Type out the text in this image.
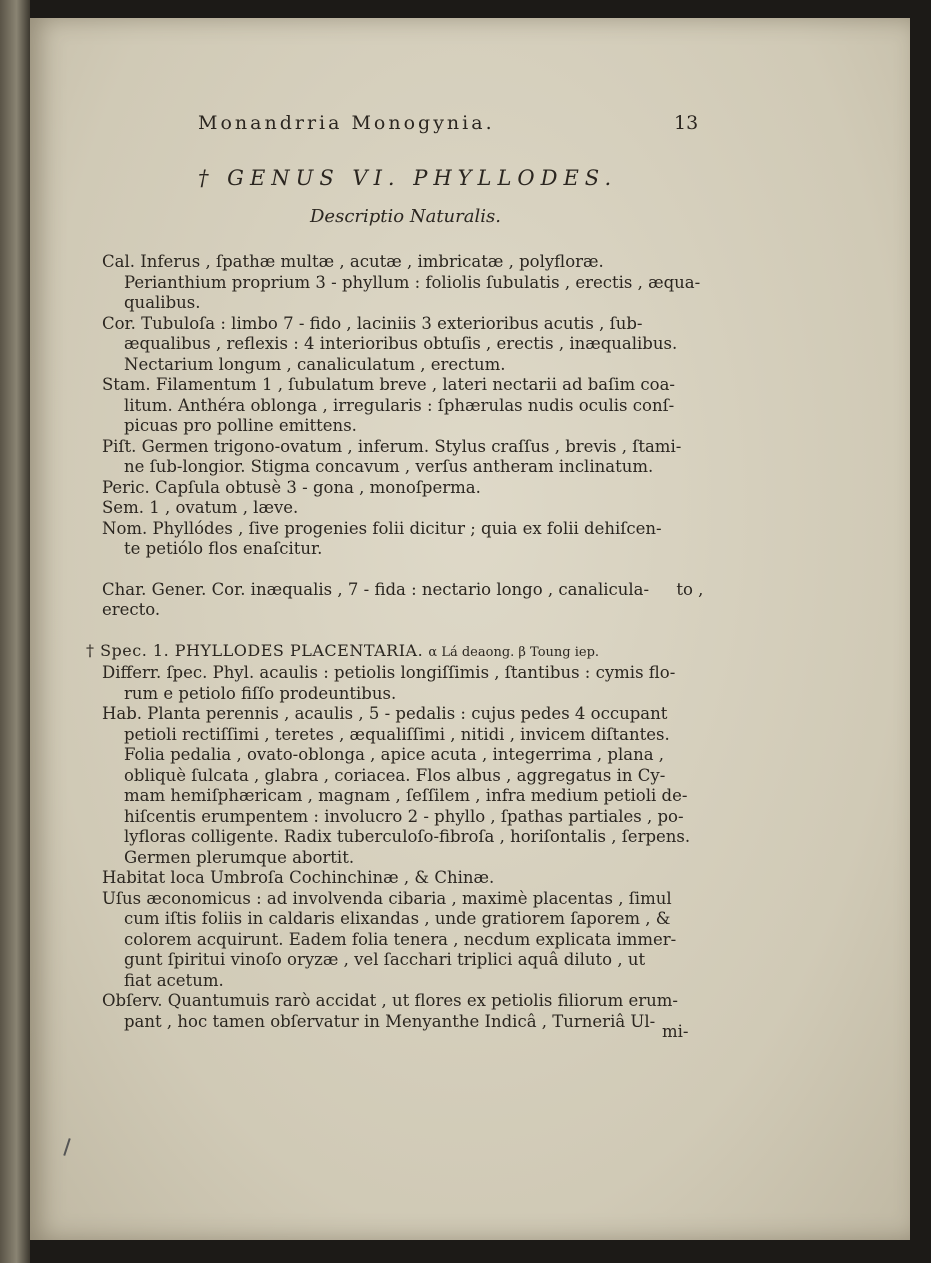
Monandrria Monogynia.	13
† GENUS VI. PHYLLODES.
Descriptio Naturalis.
Cal. Inferus , ſpathæ multæ , acutæ , imbricatæ , polyfloræ.
Perianthium proprium 3 - phyllum : foliolis ſubulatis , erectis , æqua-
qualibus.
Cor. Tubuloſa : limbo 7 - fido , laciniis 3 exterioribus acutis , ſub-
æqualibus , reflexis : 4 interioribus obtuſis , erectis , inæqualibus.
Nectarium longum , canaliculatum , erectum.
Stam. Filamentum 1 , ſubulatum breve , lateri nectarii ad baſim coa-
litum. Anthéra oblonga , irregularis : ſphærulas nudis oculis conſ-
picuas pro polline emittens.
Piſt. Germen trigono-ovatum , inferum. Stylus craſſus , brevis , ſtami-
ne ſub-longior. Stigma concavum , verſus antheram inclinatum.
Peric. Capſula obtusè 3 - gona , monoſperma.
Sem. 1 , ovatum , læve.
Nom. Phyllódes , ſive progenies folii dicitur ; quia ex folii dehiſcen-
te petiólo flos enaſcitur.
Char. Gener. Cor. inæqualis , 7 - fida : nectario longo , canalicula- to , erecto.
† Spec. 1. PHYLLODES PLACENTARIA. α Lá deaong. β Toung iep.
Differr. ſpec. Phyl. acaulis : petiolis longiſſimis , ſtantibus : cymis flo-
rum e petiolo fiſſo prodeuntibus.
Hab. Planta perennis , acaulis , 5 - pedalis : cujus pedes 4 occupant
petioli rectiſſimi , teretes , æqualiſſimi , nitidi , invicem diſtantes.
Folia pedalia , ovato-oblonga , apice acuta , integerrima , plana ,
obliquè ſulcata , glabra , coriacea. Flos albus , aggregatus in Cy-
mam hemiſphæricam , magnam , ſeſſilem , infra medium petioli de-
hiſcentis erumpentem : involucro 2 - phyllo , ſpathas partiales , po-
lyfloras colligente. Radix tuberculoſo-fibroſa , horiſontalis , ſerpens.
Germen plerumque abortit.
Habitat loca Umbroſa Cochinchinæ , & Chinæ.
Uſus æconomicus : ad involvenda cibaria , maximè placentas , ſimul
cum iſtis foliis in caldaris elixandas , unde gratiorem ſaporem , &
colorem acquirunt. Eadem folia tenera , necdum explicata immer-
gunt ſpiritui vinoſo oryzæ , vel ſacchari triplici aquâ diluto , ut
fiat acetum.
Obſerv. Quantumuis rarò accidat , ut flores ex petiolis filiorum erum-
pant , hoc tamen obſervatur in Menyanthe Indicâ , Turneriâ Ul-
mi-
